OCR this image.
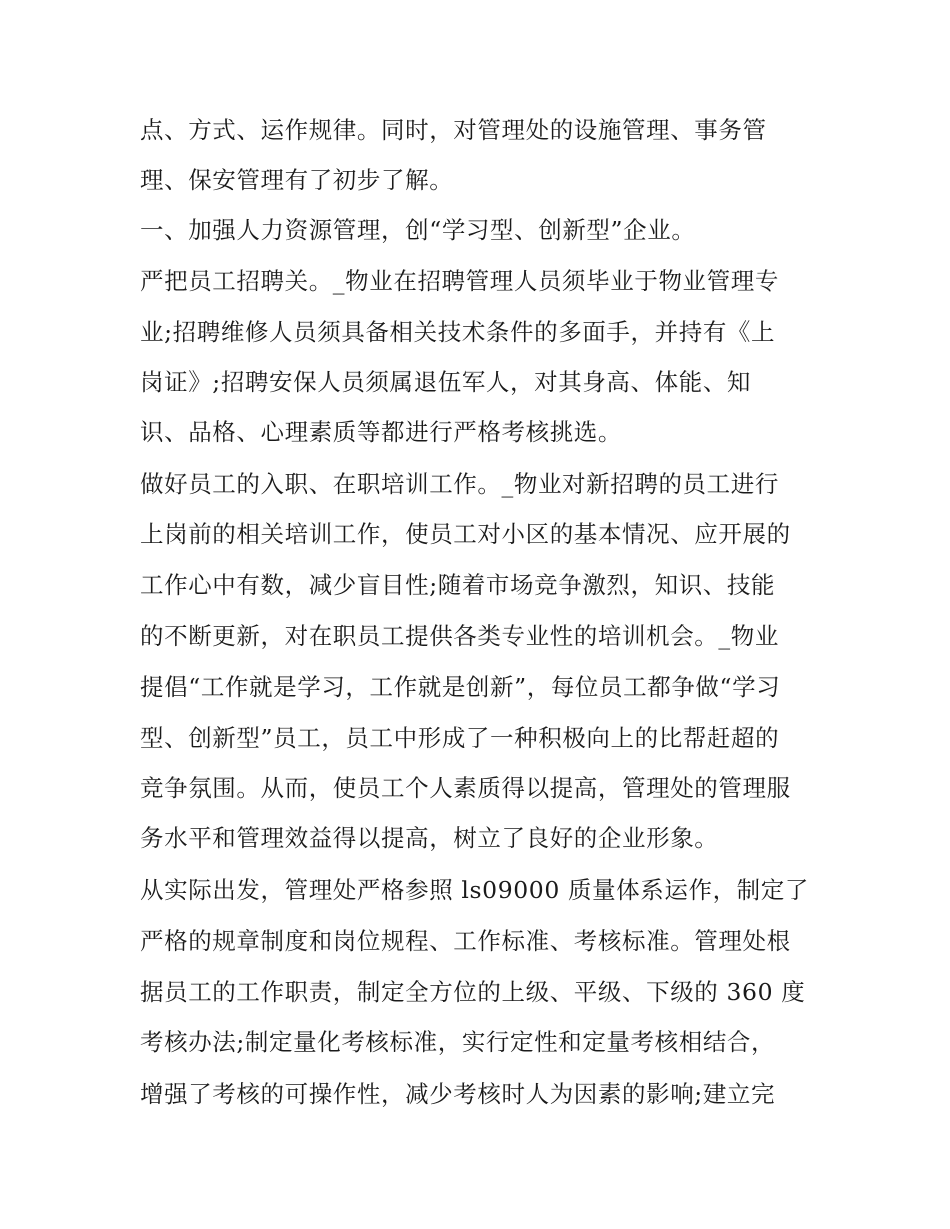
点、方式、运作规律。同时，对管理处的设施管理、事务管
理、保安管理有了初步了解。
一、加强人力资源管理，创“学习型、创新型”企业。
严把员工招聘关。_物业在招聘管理人员须毕业于物业管理专
业;招聘维修人员须具备相关技术条件的多面手，并持有《上
岗证》;招聘安保人员须属退伍军人，对其身高、体能、知
识、品格、心理素质等都进行严格考核挑选。
做好员工的入职、在职培训工作。_物业对新招聘的员工进行
上岗前的相关培训工作，使员工对小区的基本情况、应开展的
工作心中有数，减少盲目性;随着市场竞争激烈，知识、技能
的不断更新，对在职员工提供各类专业性的培训机会。_物业
提倡“工作就是学习，工作就是创新”，每位员工都争做“学习
型、创新型”员工，员工中形成了一种积极向上的比帮赶超的
竞争氛围。从而，使员工个人素质得以提高，管理处的管理服
务水平和管理效益得以提高，树立了良好的企业形象。
从实际出发，管理处严格参照 ls09000 质量体系运作，制定了
严格的规章制度和岗位规程、工作标准、考核标准。管理处根
据员工的工作职责，制定全方位的上级、平级、下级的 360 度
考核办法;制定量化考核标准，实行定性和定量考核相结合，
增强了考核的可操作性，减少考核时人为因素的影响;建立完
